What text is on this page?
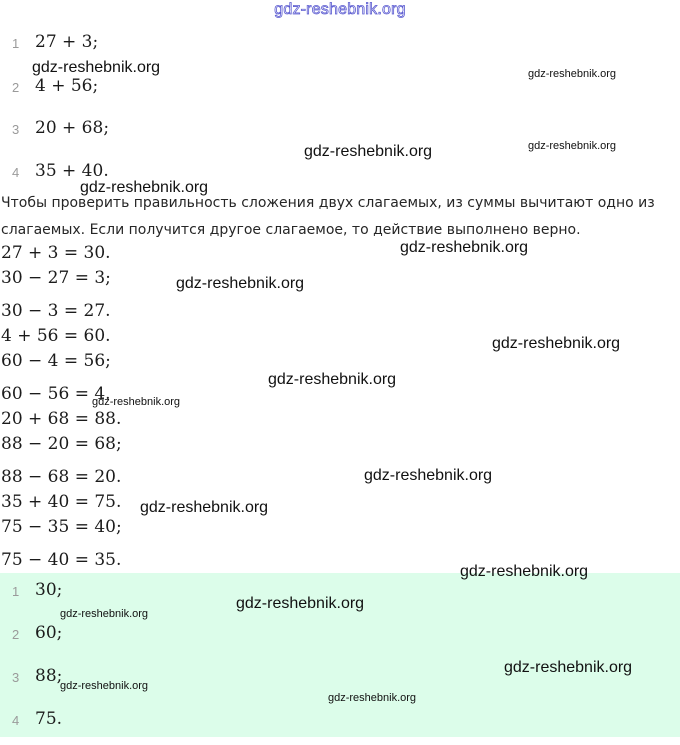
gdz-reshebnik.org
1 27 + 3;
2 4 + 56;
3 20 + 68;
4 35 + 40.
Чтобы проверить правильность сложения двух слагаемых, из суммы вычитают одно из
слагаемых. Если получится другое слагаемое, то действие выполнено верно.
27 + 3 = 30.
30 − 27 = 3;
30 − 3 = 27.
4 + 56 = 60.
60 − 4 = 56;
60 − 56 = 4.
20 + 68 = 88.
88 − 20 = 68;
88 − 68 = 20.
35 + 40 = 75.
75 − 35 = 40;
75 − 40 = 35.
1 30;
2 60;
3 88;
4 75.
gdz-reshebnik.org	gdz-reshebnik.org
gdz-reshebnik.org
gdz-reshebnik.org
gdz-reshebnik.org
gdz-reshebnik.org
gdz-reshebnik.org
gdz-reshebnik.org
gdz-reshebnik.org
gdz-reshebnik.org
gdz-reshebnik.org
gdz-reshebnik.org
gdz-reshebnik.org
gdz-reshebnik.org
gdz-reshebnik.org
gdz-reshebnik.org
gdz-reshebnik.org
gdz-reshebnik.org
